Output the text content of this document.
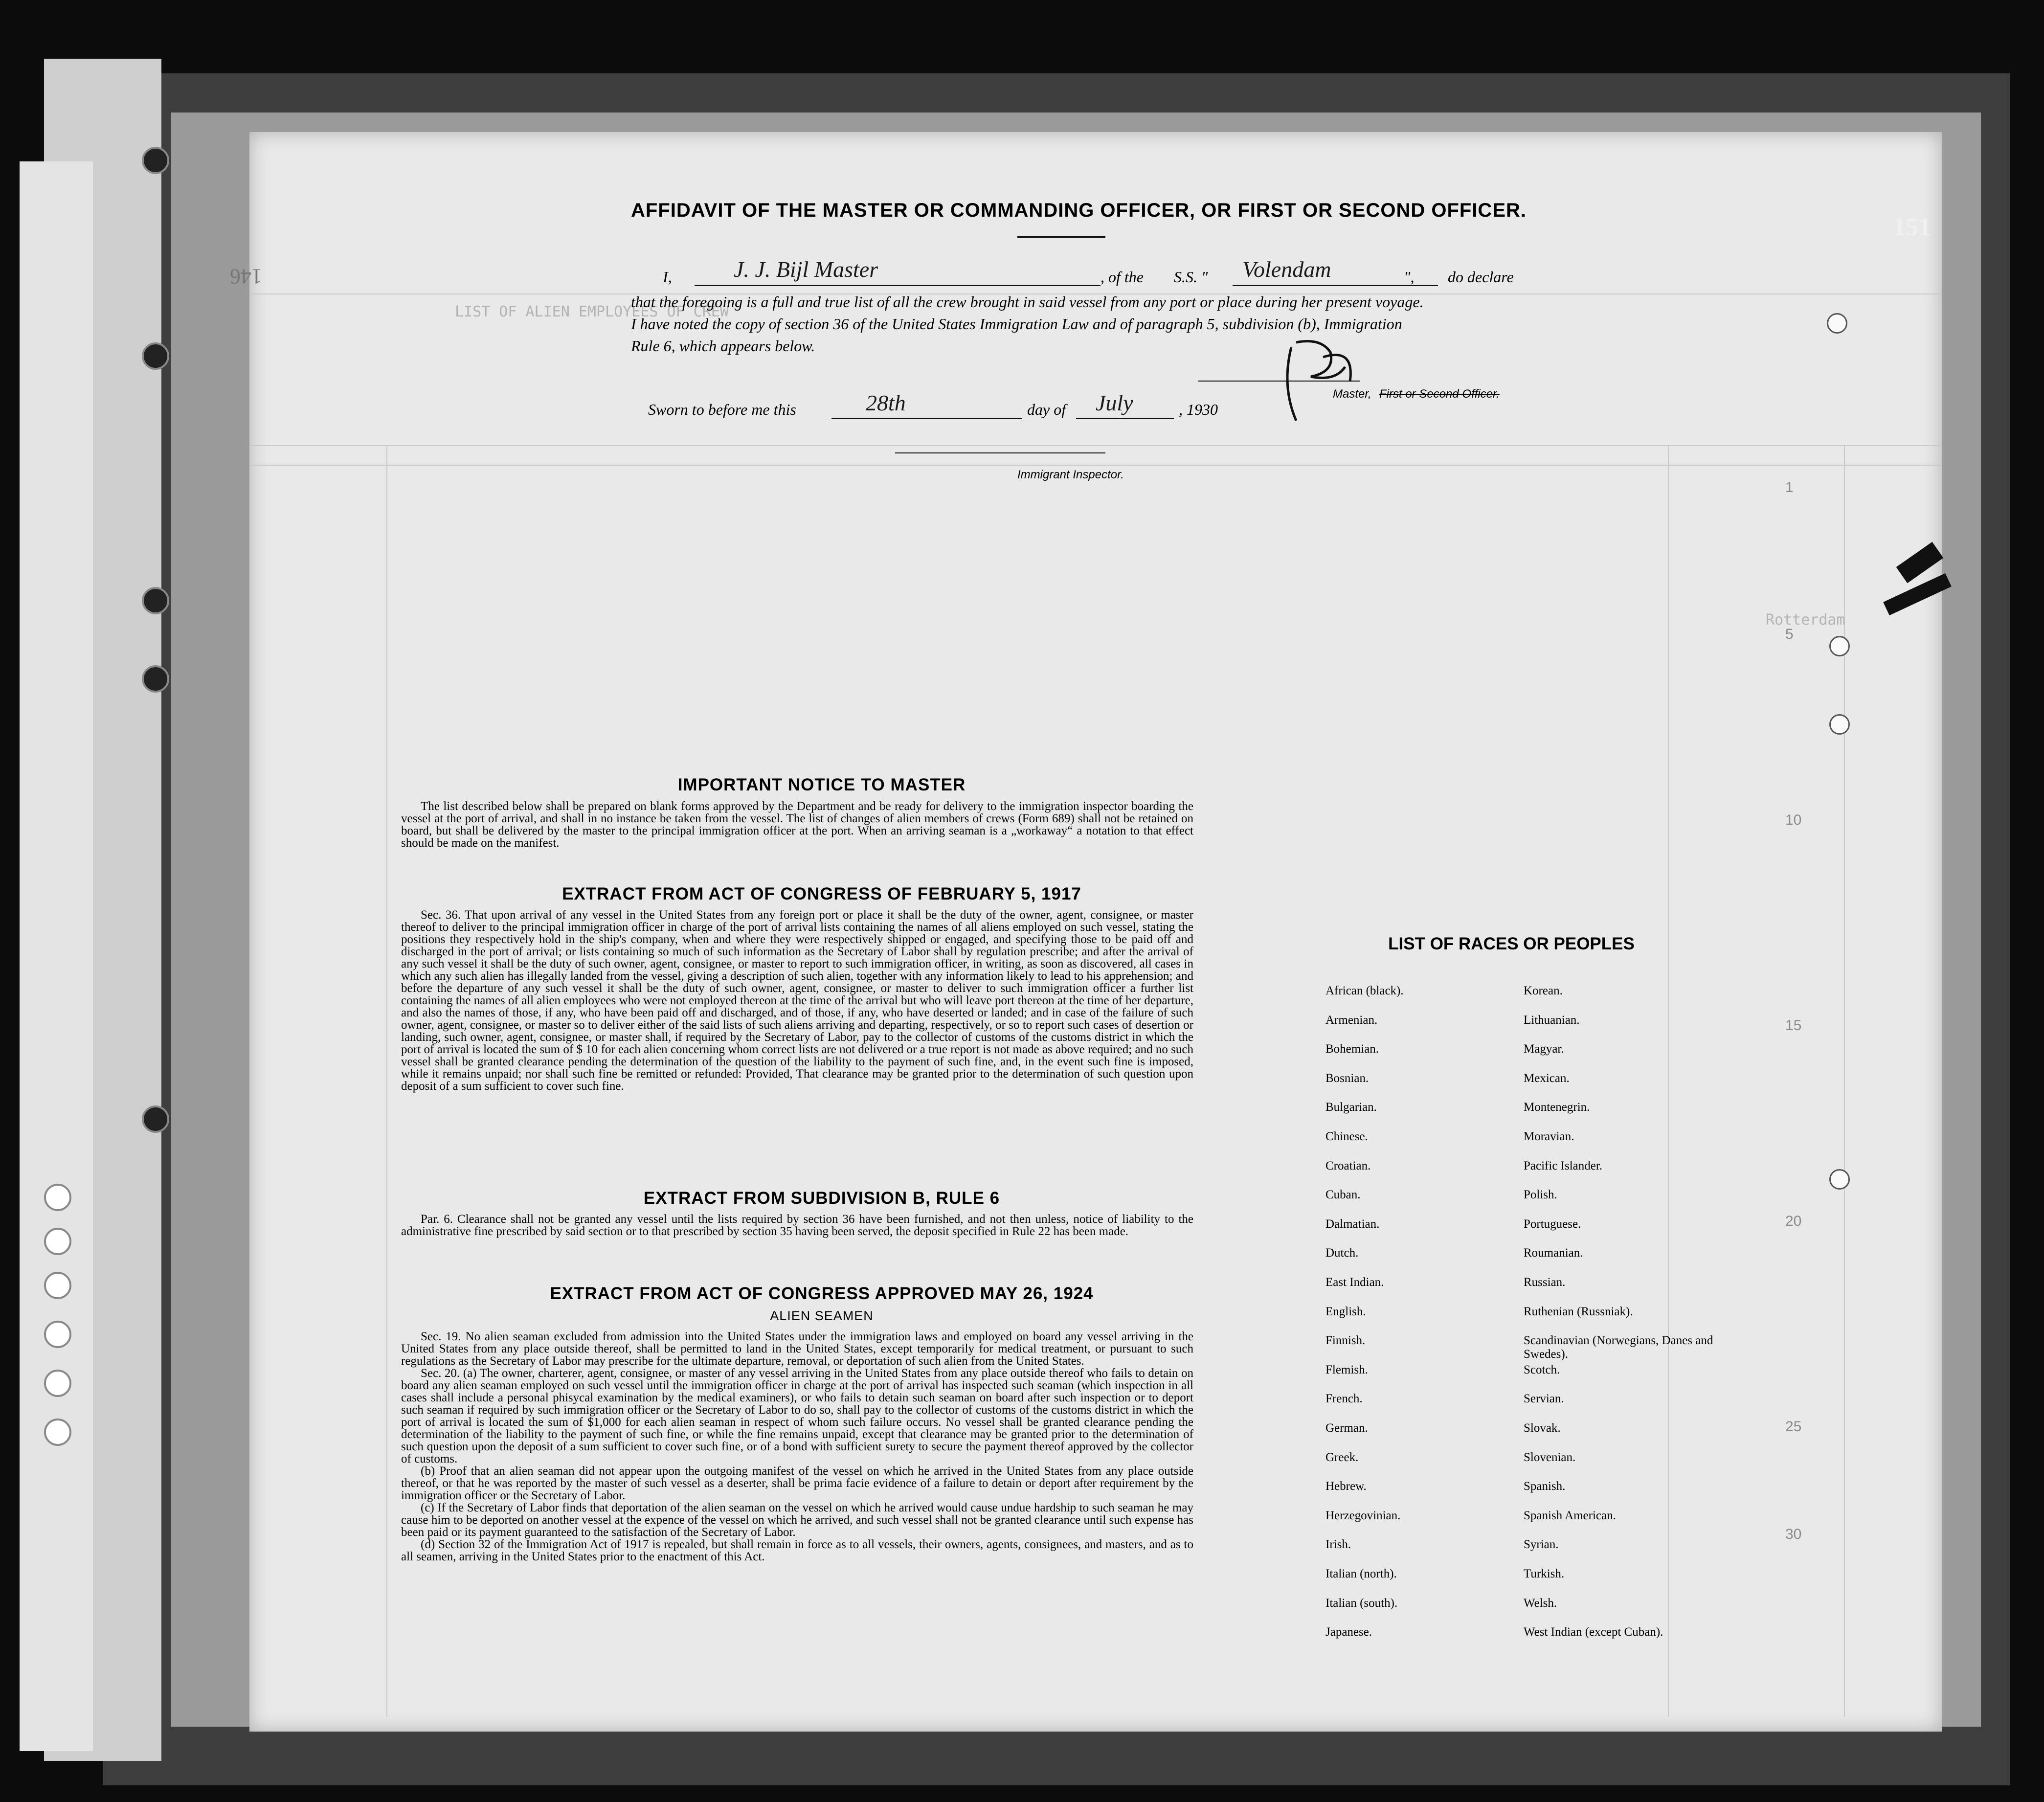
LIST OF ALIEN EMPLOYEES OF CREW
Rotterdam
1
5
10
15
20
25
30
151
146
AFFIDAVIT OF THE MASTER OR COMMANDING OFFICER, OR FIRST OR SECOND OFFICER.
I,	J. J. Bijl Master	, of the S.S. " Volendam	", do declare
that the foregoing is a full and true list of all the crew brought in said vessel from any port or place during her present voyage.
I have noted the copy of section 36 of the United States Immigration Law and of paragraph 5, subdivision (b), Immigration
Rule 6, which appears below.
Master, First or Second Officer.
Sworn to before me this	28th	day of July	, 1930
Immigrant Inspector.
IMPORTANT NOTICE TO MASTER

The list described below shall be prepared on blank forms approved by the Department and be ready for delivery to the immigration inspector boarding the vessel at the port of arrival, and shall in no instance be taken from the vessel. The list of changes of alien members of crews (Form 689) shall not be retained on board, but shall be delivered by the master to the principal immigration officer at the port. When an arriving seaman is a „workaway“ a notation to that effect should be made on the manifest.

EXTRACT FROM ACT OF CONGRESS OF FEBRUARY 5, 1917

Sec. 36. That upon arrival of any vessel in the United States from any foreign port or place it shall be the duty of the owner, agent, consignee, or master thereof to deliver to the principal immigration officer in charge of the port of arrival lists containing the names of all aliens employed on such vessel, stating the positions they respectively hold in the ship's company, when and where they were respectively shipped or engaged, and specifying those to be paid off and discharged in the port of arrival; or lists containing so much of such information as the Secretary of Labor shall by regulation prescribe; and after the arrival of any such vessel it shall be the duty of such owner, agent, consignee, or master to report to such immigration officer, in writing, as soon as discovered, all cases in which any such alien has illegally landed from the vessel, giving a description of such alien, together with any information likely to lead to his apprehension; and before the departure of any such vessel it shall be the duty of such owner, agent, consignee, or master to deliver to such immigration officer a further list containing the names of all alien employees who were not employed thereon at the time of the arrival but who will leave port thereon at the time of her departure, and also the names of those, if any, who have been paid off and discharged, and of those, if any, who have deserted or landed; and in case of the failure of such owner, agent, consignee, or master so to deliver either of the said lists of such aliens arriving and departing, respectively, or so to report such cases of desertion or landing, such owner, agent, consignee, or master shall, if required by the Secretary of Labor, pay to the collector of customs of the customs district in which the port of arrival is located the sum of $ 10 for each alien concerning whom correct lists are not delivered or a true report is not made as above required; and no such vessel shall be granted clearance pending the determination of the question of the liability to the payment of such fine, and, in the event such fine is imposed, while it remains unpaid; nor shall such fine be remitted or refunded: Provided, That clearance may be granted prior to the determination of such question upon deposit of a sum sufficient to cover such fine.

EXTRACT FROM SUBDIVISION B, RULE 6

Par. 6. Clearance shall not be granted any vessel until the lists required by section 36 have been furnished, and not then unless, notice of liability to the administrative fine prescribed by said section or to that prescribed by section 35 having been served, the deposit specified in Rule 22 has been made.

EXTRACT FROM ACT OF CONGRESS APPROVED MAY 26, 1924
ALIEN SEAMEN

Sec. 19. No alien seaman excluded from admission into the United States under the immigration laws and employed on board any vessel arriving in the United States from any place outside thereof, shall be permitted to land in the United States, except temporarily for medical treatment, or pursuant to such regulations as the Secretary of Labor may prescribe for the ultimate departure, removal, or deportation of such alien from the United States.

Sec. 20. (a) The owner, charterer, agent, consignee, or master of any vessel arriving in the United States from any place outside thereof who fails to detain on board any alien seaman employed on such vessel until the immigration officer in charge at the port of arrival has inspected such seaman (which inspection in all cases shall include a personal phisycal examination by the medical examiners), or who fails to detain such seaman on board after such inspection or to deport such seaman if required by such immigration officer or the Secretary of Labor to do so, shall pay to the collector of customs of the customs district in which the port of arrival is located the sum of $1,000 for each alien seaman in respect of whom such failure occurs. No vessel shall be granted clearance pending the determination of the liability to the payment of such fine, or while the fine remains unpaid, except that clearance may be granted prior to the determination of such question upon the deposit of a sum sufficient to cover such fine, or of a bond with sufficient surety to secure the payment thereof approved by the collector of customs.

(b) Proof that an alien seaman did not appear upon the outgoing manifest of the vessel on which he arrived in the United States from any place outside thereof, or that he was reported by the master of such vessel as a deserter, shall be prima facie evidence of a failure to detain or deport after requirement by the immigration officer or the Secretary of Labor.

(c) If the Secretary of Labor finds that deportation of the alien seaman on the vessel on which he arrived would cause undue hardship to such seaman he may cause him to be deported on another vessel at the expence of the vessel on which he arrived, and such vessel shall not be granted clearance until such expense has been paid or its payment guaranteed to the satisfaction of the Secretary of Labor.

(d) Section 32 of the Immigration Act of 1917 is repealed, but shall remain in force as to all vessels, their owners, agents, consignees, and masters, and as to all seamen, arriving in the United States prior to the enactment of this Act.

LIST OF RACES OR PEOPLES
African (black).
Armenian.
Bohemian.
Bosnian.
Bulgarian.
Chinese.
Croatian.
Cuban.
Dalmatian.
Dutch.
East Indian.
English.
Finnish.
Flemish.
French.
German.
Greek.
Hebrew.
Herzegovinian.
Irish.
Italian (north).
Italian (south).
Japanese.
Korean.
Lithuanian.
Magyar.
Mexican.
Montenegrin.
Moravian.
Pacific Islander.
Polish.
Portuguese.
Roumanian.
Russian.
Ruthenian (Russniak).
Scandinavian (Norwegians, Danes and Swedes).
Scotch.
Servian.
Slovak.
Slovenian.
Spanish.
Spanish American.
Syrian.
Turkish.
Welsh.
West Indian (except Cuban).
